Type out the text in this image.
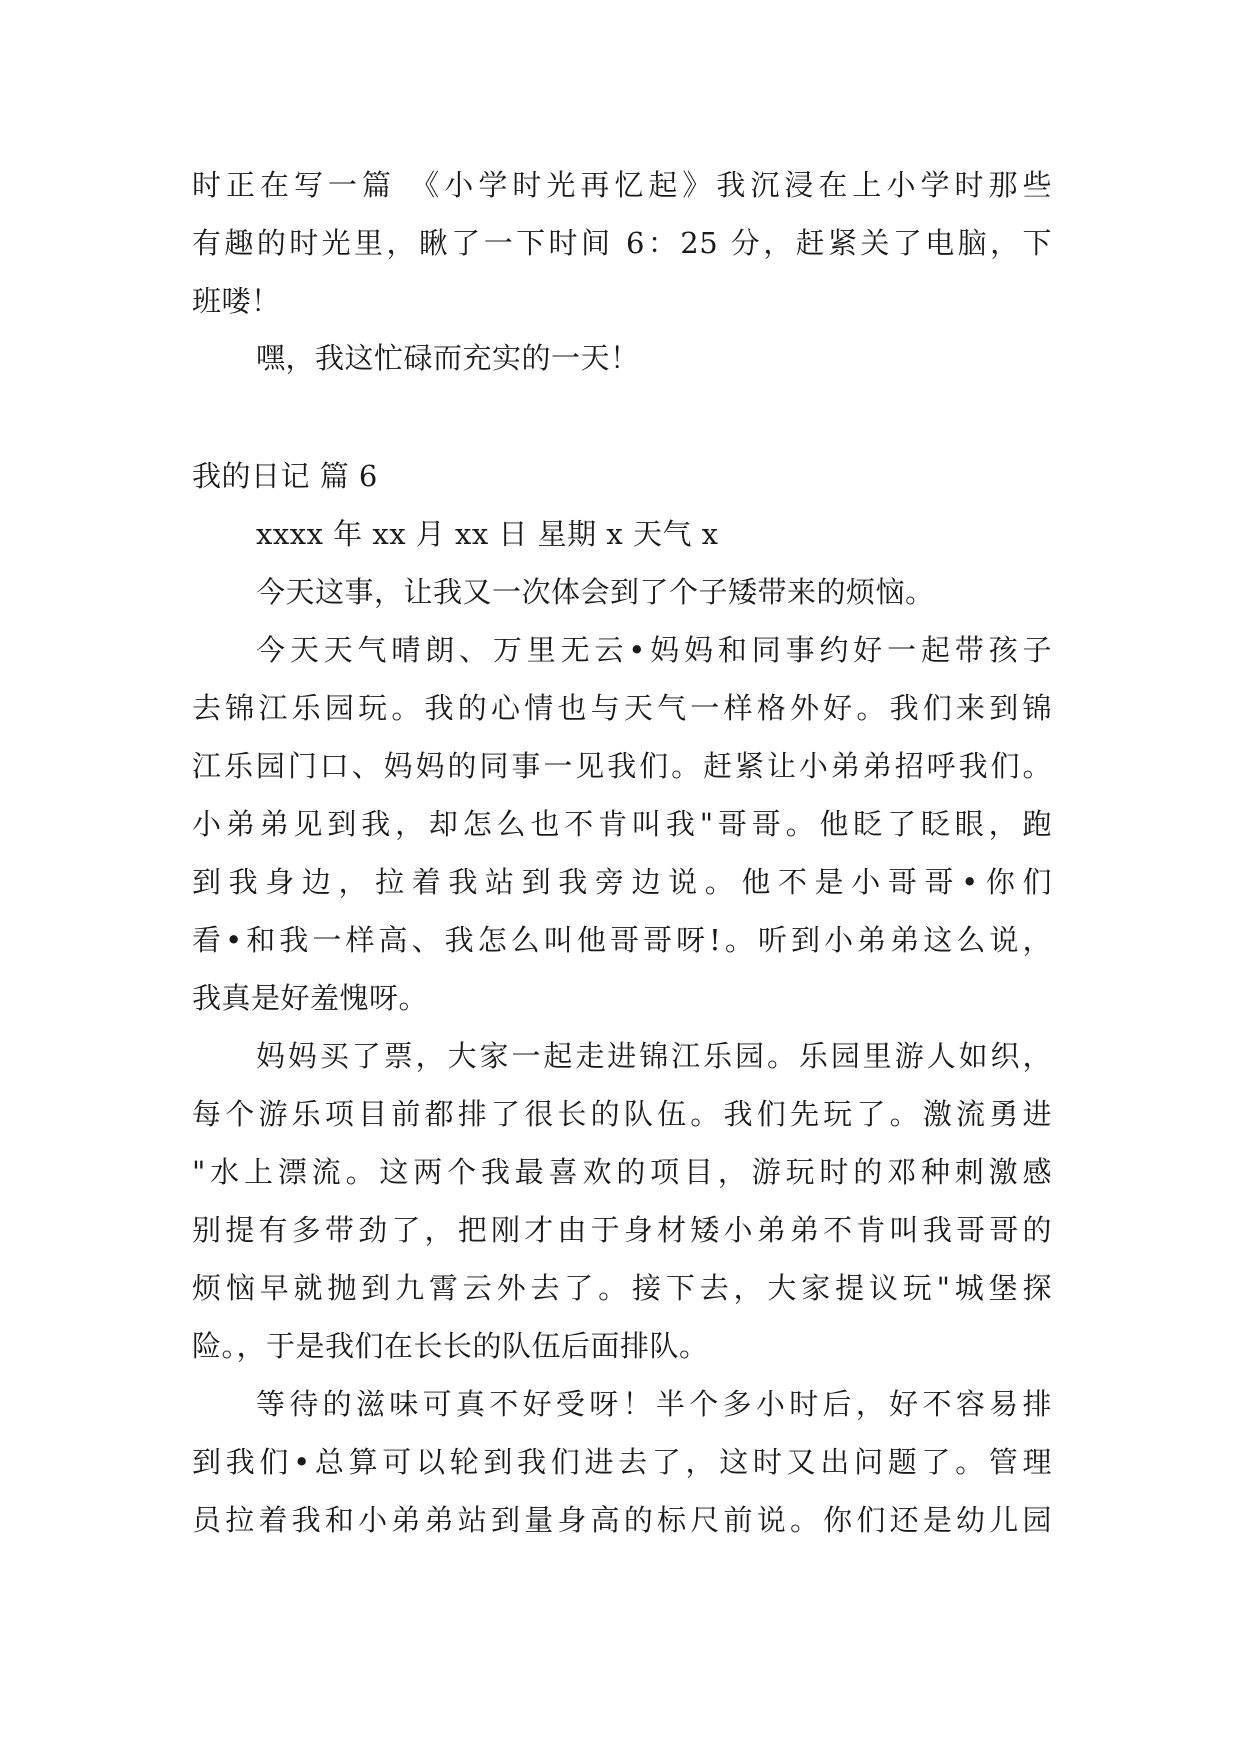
时正在写一篇 《小学时光再忆起》我沉浸在上小学时那些
有趣的时光里，瞅了一下时间 6：25 分，赶紧关了电脑，下
班喽！
嘿，我这忙碌而充实的一天！
我的日记 篇 6
xxxx 年 xx 月 xx 日 星期 x 天气 x
今天这事，让我又一次体会到了个子矮带来的烦恼。
今天天气晴朗、万里无云•妈妈和同事约好一起带孩子
去锦江乐园玩。我的心情也与天气一样格外好。我们来到锦
江乐园门口、妈妈的同事一见我们。赶紧让小弟弟招呼我们。
小弟弟见到我，却怎么也不肯叫我"哥哥。他眨了眨眼，跑
到我身边，拉着我站到我旁边说。他不是小哥哥•你们
看•和我一样高、我怎么叫他哥哥呀!。听到小弟弟这么说，
我真是好羞愧呀。
妈妈买了票，大家一起走进锦江乐园。乐园里游人如织，
每个游乐项目前都排了很长的队伍。我们先玩了。激流勇进
"水上漂流。这两个我最喜欢的项目，游玩时的邓种刺激感
别提有多带劲了，把刚才由于身材矮小弟弟不肯叫我哥哥的
烦恼早就抛到九霄云外去了。接下去，大家提议玩"城堡探
险。，于是我们在长长的队伍后面排队。
等待的滋味可真不好受呀！半个多小时后，好不容易排
到我们•总算可以轮到我们进去了，这时又出问题了。管理
员拉着我和小弟弟站到量身高的标尺前说。你们还是幼儿园
